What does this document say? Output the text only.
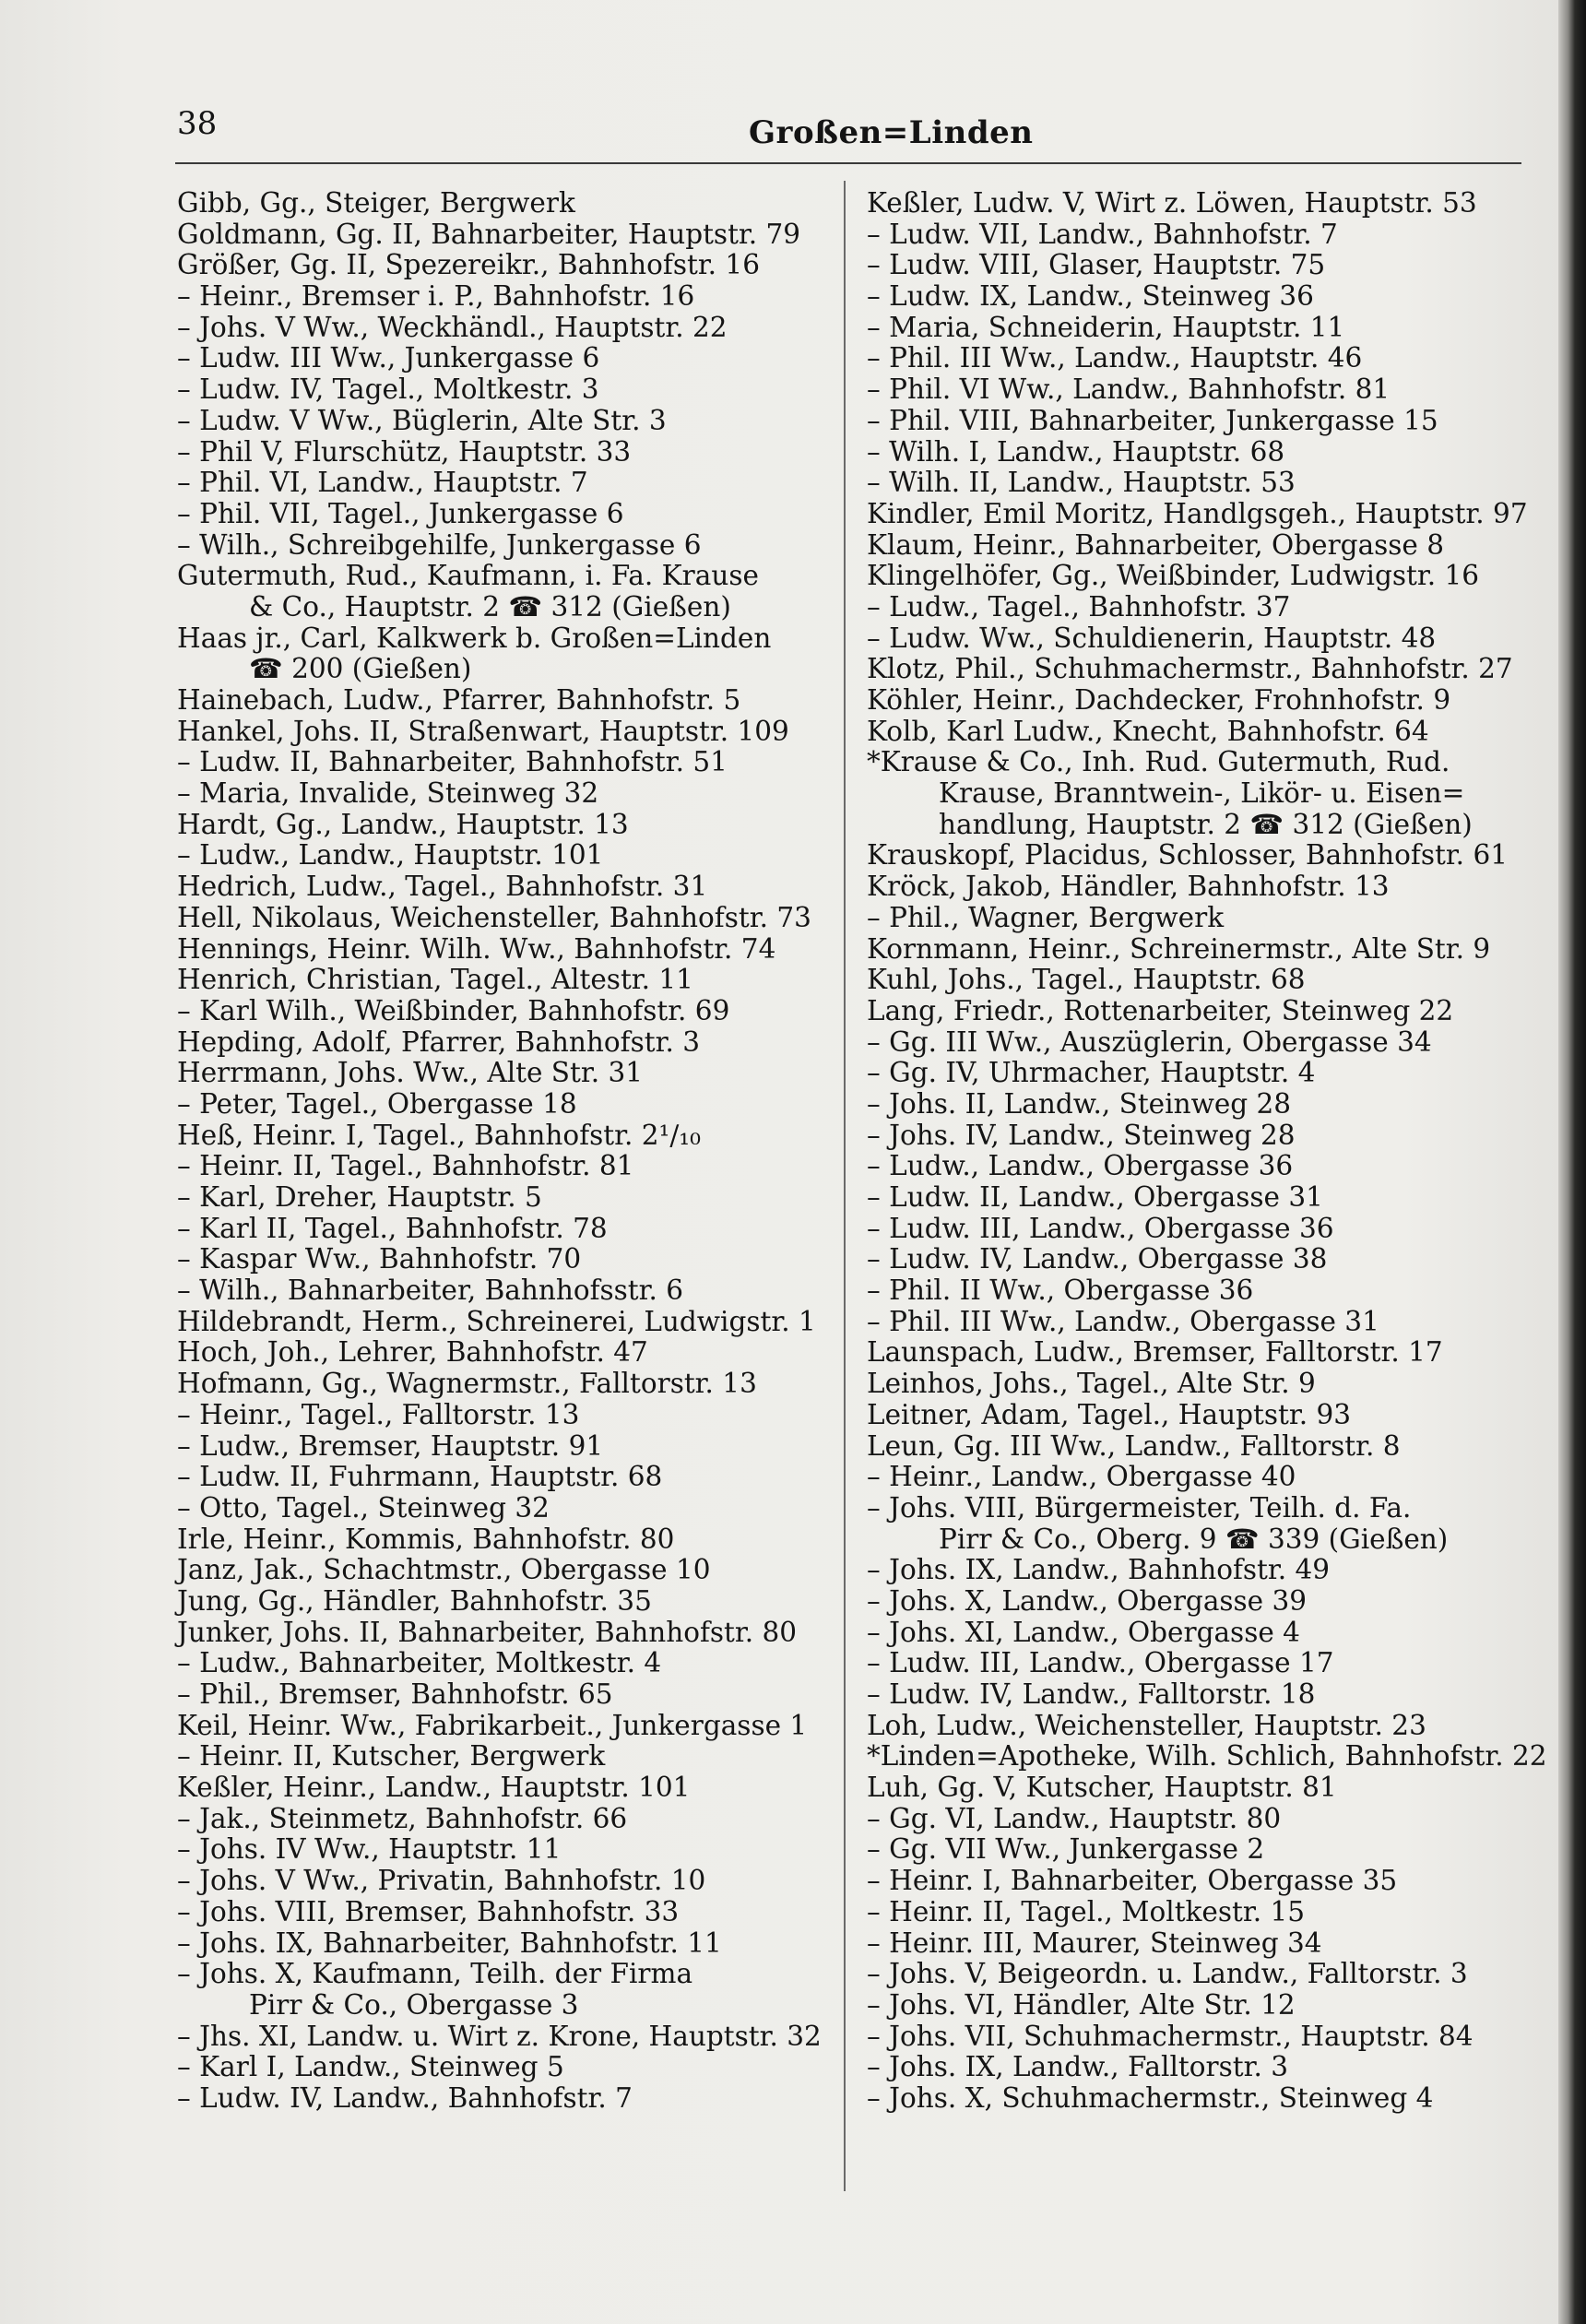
38	Großen=Linden
Gibb, Gg., Steiger, Bergwerk
Goldmann, Gg. II, Bahnarbeiter, Hauptstr. 79
Größer, Gg. II, Spezereikr., Bahnhofstr. 16
– Heinr., Bremser i. P., Bahnhofstr. 16
– Johs. V Ww., Weckhändl., Hauptstr. 22
– Ludw. III Ww., Junkergasse 6
– Ludw. IV, Tagel., Moltkestr. 3
– Ludw. V Ww., Büglerin, Alte Str. 3
– Phil V, Flurschütz, Hauptstr. 33
– Phil. VI, Landw., Hauptstr. 7
– Phil. VII, Tagel., Junkergasse 6
– Wilh., Schreibgehilfe, Junkergasse 6
Gutermuth, Rud., Kaufmann, i. Fa. Krause
& Co., Hauptstr. 2 ☎ 312 (Gießen)
Haas jr., Carl, Kalkwerk b. Großen=Linden
☎ 200 (Gießen)
Hainebach, Ludw., Pfarrer, Bahnhofstr. 5
Hankel, Johs. II, Straßenwart, Hauptstr. 109
– Ludw. II, Bahnarbeiter, Bahnhofstr. 51
– Maria, Invalide, Steinweg 32
Hardt, Gg., Landw., Hauptstr. 13
– Ludw., Landw., Hauptstr. 101
Hedrich, Ludw., Tagel., Bahnhofstr. 31
Hell, Nikolaus, Weichensteller, Bahnhofstr. 73
Hennings, Heinr. Wilh. Ww., Bahnhofstr. 74
Henrich, Christian, Tagel., Altestr. 11
– Karl Wilh., Weißbinder, Bahnhofstr. 69
Hepding, Adolf, Pfarrer, Bahnhofstr. 3
Herrmann, Johs. Ww., Alte Str. 31
– Peter, Tagel., Obergasse 18
Heß, Heinr. I, Tagel., Bahnhofstr. 2¹/₁₀
– Heinr. II, Tagel., Bahnhofstr. 81
– Karl, Dreher, Hauptstr. 5
– Karl II, Tagel., Bahnhofstr. 78
– Kaspar Ww., Bahnhofstr. 70
– Wilh., Bahnarbeiter, Bahnhofsstr. 6
Hildebrandt, Herm., Schreinerei, Ludwigstr. 1
Hoch, Joh., Lehrer, Bahnhofstr. 47
Hofmann, Gg., Wagnermstr., Falltorstr. 13
– Heinr., Tagel., Falltorstr. 13
– Ludw., Bremser, Hauptstr. 91
– Ludw. II, Fuhrmann, Hauptstr. 68
– Otto, Tagel., Steinweg 32
Irle, Heinr., Kommis, Bahnhofstr. 80
Janz, Jak., Schachtmstr., Obergasse 10
Jung, Gg., Händler, Bahnhofstr. 35
Junker, Johs. II, Bahnarbeiter, Bahnhofstr. 80
– Ludw., Bahnarbeiter, Moltkestr. 4
– Phil., Bremser, Bahnhofstr. 65
Keil, Heinr. Ww., Fabrikarbeit., Junkergasse 1
– Heinr. II, Kutscher, Bergwerk
Keßler, Heinr., Landw., Hauptstr. 101
– Jak., Steinmetz, Bahnhofstr. 66
– Johs. IV Ww., Hauptstr. 11
– Johs. V Ww., Privatin, Bahnhofstr. 10
– Johs. VIII, Bremser, Bahnhofstr. 33
– Johs. IX, Bahnarbeiter, Bahnhofstr. 11
– Johs. X, Kaufmann, Teilh. der Firma
Pirr & Co., Obergasse 3
– Jhs. XI, Landw. u. Wirt z. Krone, Hauptstr. 32
– Karl I, Landw., Steinweg 5
– Ludw. IV, Landw., Bahnhofstr. 7
Keßler, Ludw. V, Wirt z. Löwen, Hauptstr. 53
– Ludw. VII, Landw., Bahnhofstr. 7
– Ludw. VIII, Glaser, Hauptstr. 75
– Ludw. IX, Landw., Steinweg 36
– Maria, Schneiderin, Hauptstr. 11
– Phil. III Ww., Landw., Hauptstr. 46
– Phil. VI Ww., Landw., Bahnhofstr. 81
– Phil. VIII, Bahnarbeiter, Junkergasse 15
– Wilh. I, Landw., Hauptstr. 68
– Wilh. II, Landw., Hauptstr. 53
Kindler, Emil Moritz, Handlgsgeh., Hauptstr. 97
Klaum, Heinr., Bahnarbeiter, Obergasse 8
Klingelhöfer, Gg., Weißbinder, Ludwigstr. 16
– Ludw., Tagel., Bahnhofstr. 37
– Ludw. Ww., Schuldienerin, Hauptstr. 48
Klotz, Phil., Schuhmachermstr., Bahnhofstr. 27
Köhler, Heinr., Dachdecker, Frohnhofstr. 9
Kolb, Karl Ludw., Knecht, Bahnhofstr. 64
*Krause & Co., Inh. Rud. Gutermuth, Rud.
Krause, Branntwein-, Likör- u. Eisen=
handlung, Hauptstr. 2 ☎ 312 (Gießen)
Krauskopf, Placidus, Schlosser, Bahnhofstr. 61
Kröck, Jakob, Händler, Bahnhofstr. 13
– Phil., Wagner, Bergwerk
Kornmann, Heinr., Schreinermstr., Alte Str. 9
Kuhl, Johs., Tagel., Hauptstr. 68
Lang, Friedr., Rottenarbeiter, Steinweg 22
– Gg. III Ww., Auszüglerin, Obergasse 34
– Gg. IV, Uhrmacher, Hauptstr. 4
– Johs. II, Landw., Steinweg 28
– Johs. IV, Landw., Steinweg 28
– Ludw., Landw., Obergasse 36
– Ludw. II, Landw., Obergasse 31
– Ludw. III, Landw., Obergasse 36
– Ludw. IV, Landw., Obergasse 38
– Phil. II Ww., Obergasse 36
– Phil. III Ww., Landw., Obergasse 31
Launspach, Ludw., Bremser, Falltorstr. 17
Leinhos, Johs., Tagel., Alte Str. 9
Leitner, Adam, Tagel., Hauptstr. 93
Leun, Gg. III Ww., Landw., Falltorstr. 8
– Heinr., Landw., Obergasse 40
– Johs. VIII, Bürgermeister, Teilh. d. Fa.
Pirr & Co., Oberg. 9 ☎ 339 (Gießen)
– Johs. IX, Landw., Bahnhofstr. 49
– Johs. X, Landw., Obergasse 39
– Johs. XI, Landw., Obergasse 4
– Ludw. III, Landw., Obergasse 17
– Ludw. IV, Landw., Falltorstr. 18
Loh, Ludw., Weichensteller, Hauptstr. 23
*Linden=Apotheke, Wilh. Schlich, Bahnhofstr. 22
Luh, Gg. V, Kutscher, Hauptstr. 81
– Gg. VI, Landw., Hauptstr. 80
– Gg. VII Ww., Junkergasse 2
– Heinr. I, Bahnarbeiter, Obergasse 35
– Heinr. II, Tagel., Moltkestr. 15
– Heinr. III, Maurer, Steinweg 34
– Johs. V, Beigeordn. u. Landw., Falltorstr. 3
– Johs. VI, Händler, Alte Str. 12
– Johs. VII, Schuhmachermstr., Hauptstr. 84
– Johs. IX, Landw., Falltorstr. 3
– Johs. X, Schuhmachermstr., Steinweg 4
